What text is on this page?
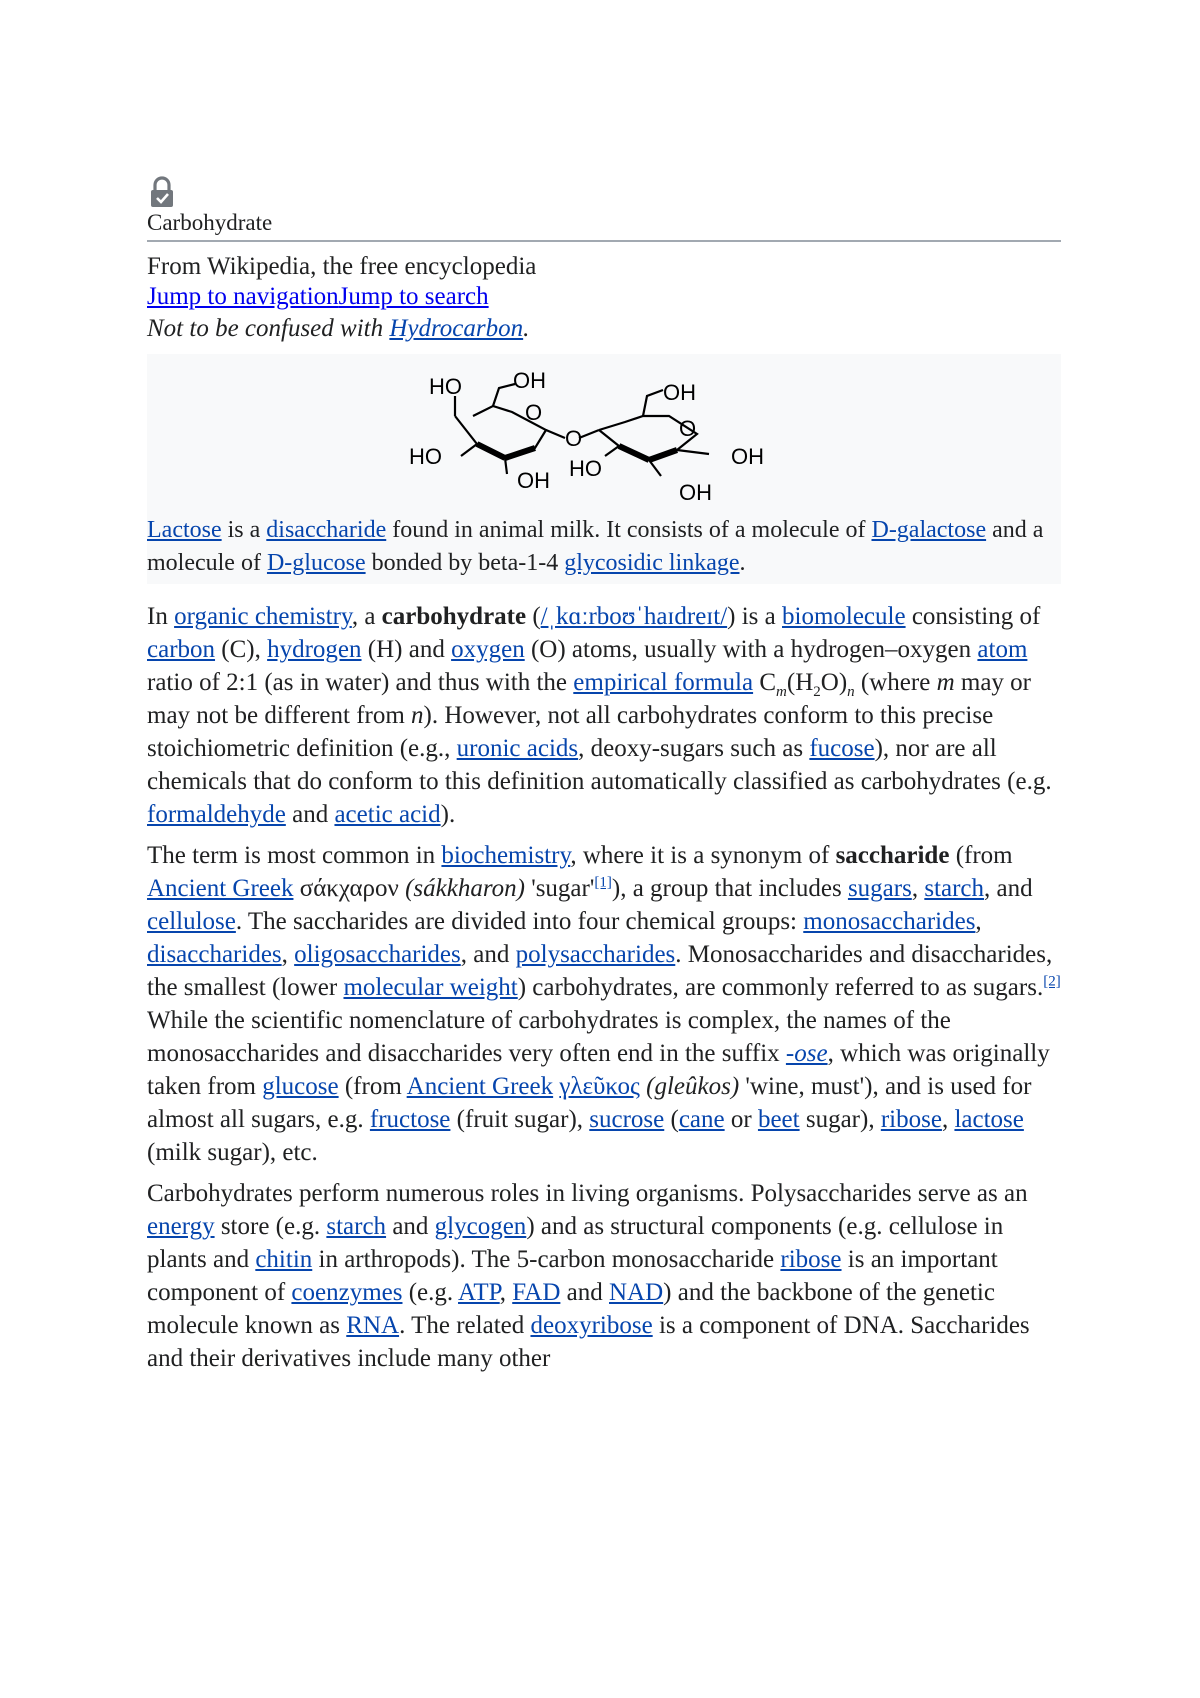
Carbohydrate
From Wikipedia, the free encyclopedia
Jump to navigationJump to search
Not to be confused with Hydrocarbon.
HO OH
O
HO
OH
O
HO
OH
O
OH
OH
Lactose is a disaccharide found in animal milk. It consists of a molecule of D-galactose and a molecule of D-glucose bonded by beta-1-4 glycosidic linkage.

In organic chemistry, a carbohydrate (/ˌkɑːrboʊˈhaɪdreɪt/) is a biomolecule consisting of carbon (C), hydrogen (H) and oxygen (O) atoms, usually with a hydrogen–oxygen atom ratio of 2:1 (as in water) and thus with the empirical formula $C_m(H_2O)_n$ (where m may or may not be different from n). However, not all carbohydrates conform to this precise stoichiometric definition (e.g., uronic acids, deoxy-sugars such as fucose), nor are all chemicals that do conform to this definition automatically classified as carbohydrates (e.g. formaldehyde and acetic acid).

The term is most common in biochemistry, where it is a synonym of saccharide (from Ancient Greek σάκχαρον (sákkharon) 'sugar'[1]), a group that includes sugars, starch, and cellulose. The saccharides are divided into four chemical groups: monosaccharides, disaccharides, oligosaccharides, and polysaccharides. Monosaccharides and disaccharides, the smallest (lower molecular weight) carbohydrates, are commonly referred to as sugars.[2] While the scientific nomenclature of carbohydrates is complex, the names of the monosaccharides and disaccharides very often end in the suffix -ose, which was originally taken from glucose (from Ancient Greek γλεῦκος (gleûkos) 'wine, must'), and is used for almost all sugars, e.g. fructose (fruit sugar), sucrose (cane or beet sugar), ribose, lactose (milk sugar), etc.

Carbohydrates perform numerous roles in living organisms. Polysaccharides serve as an energy store (e.g. starch and glycogen) and as structural components (e.g. cellulose in plants and chitin in arthropods). The 5-carbon monosaccharide ribose is an important component of coenzymes (e.g. ATP, FAD and NAD) and the backbone of the genetic molecule known as RNA. The related deoxyribose is a component of DNA. Saccharides and their derivatives include many other
